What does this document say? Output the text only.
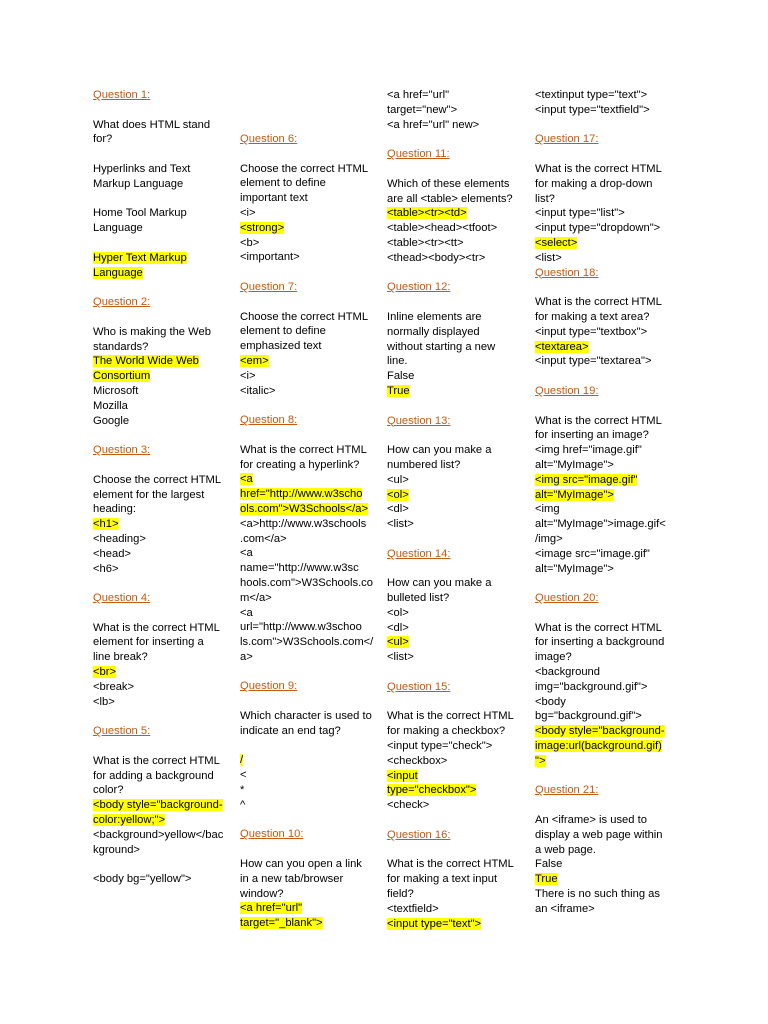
Question 1:

What does HTML stand
for?

Hyperlinks and Text
Markup Language

Home Tool Markup
Language

Hyper Text Markup
Language

Question 2:

Who is making the Web
standards?

The World Wide Web
Consortium

Microsoft

Mozilla

Google

Question 3:

Choose the correct HTML
element for the largest
heading:

<h1>

<heading>

<head>

<h6>

Question 4:

What is the correct HTML
element for inserting a
line break?

<br>

<break>

<lb>

Question 5:

What is the correct HTML
for adding a background
color?

<body style="background-
color:yellow;">

<background>yellow</bac
kground>

<body bg="yellow">

Question 6:

Choose the correct HTML
element to define
important text

<i>

<strong>

<b>

<important>

Question 7:

Choose the correct HTML
element to define
emphasized text

<em>

<i>

<italic>

Question 8:

What is the correct HTML
for creating a hyperlink?

<a
href="http://www.w3scho
ols.com">W3Schools</a>

<a>http://www.w3schools
.com</a>

<a
name="http://www.w3sc
hools.com">W3Schools.co
m</a>

<a
url="http://www.w3schoo
ls.com">W3Schools.com</
a>

Question 9:

Which character is used to
indicate an end tag?

/

<

*

^

Question 10:

How can you open a link
in a new tab/browser
window?

<a href="url"
target="_blank">

<a href="url"
target="new">

<a href="url" new>

Question 11:

Which of these elements
are all <table> elements?

<table><tr><td>

<table><head><tfoot>

<table><tr><tt>

<thead><body><tr>

Question 12:

Inline elements are
normally displayed
without starting a new
line.

False

True

Question 13:

How can you make a
numbered list?

<ul>

<ol>

<dl>

<list>

Question 14:

How can you make a
bulleted list?

<ol>

<dl>

<ul>

<list>

Question 15:

What is the correct HTML
for making a checkbox?

<input type="check">

<checkbox>

<input
type="checkbox">

<check>

Question 16:

What is the correct HTML
for making a text input
field?

<textfield>

<input type="text">

<textinput type="text">

<input type="textfield">

Question 17:

What is the correct HTML
for making a drop-down
list?

<input type="list">

<input type="dropdown">

<select>

<list>

Question 18:

What is the correct HTML
for making a text area?

<input type="textbox">

<textarea>

<input type="textarea">

Question 19:

What is the correct HTML
for inserting an image?

<img href="image.gif"
alt="MyImage">

<img src="image.gif"
alt="MyImage">

<img
alt="MyImage">image.gif<
/img>

<image src="image.gif"
alt="MyImage">

Question 20:

What is the correct HTML
for inserting a background
image?

<background
img="background.gif">

<body
bg="background.gif">

<body style="background-
image:url(background.gif)
">

Question 21:

An <iframe> is used to
display a web page within
a web page.

False

True

There is no such thing as
an <iframe>
